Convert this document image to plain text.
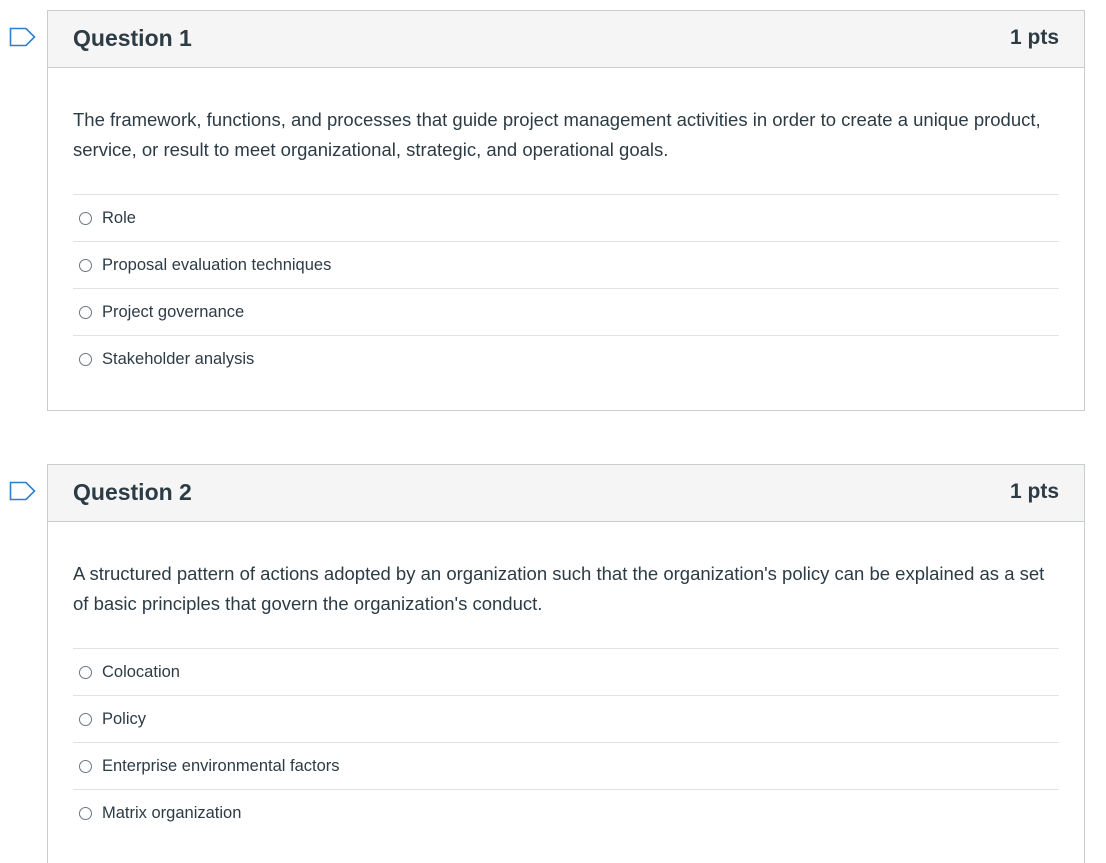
Question 1	1 pts

The framework, functions, and processes that guide project management activities in order to create a unique product, service, or result to meet organizational, strategic, and operational goals.

Role
Proposal evaluation techniques
Project governance
Stakeholder analysis
Question 2	1 pts

A structured pattern of actions adopted by an organization such that the organization's policy can be explained as a set of basic principles that govern the organization's conduct.

Colocation
Policy
Enterprise environmental factors
Matrix organization
